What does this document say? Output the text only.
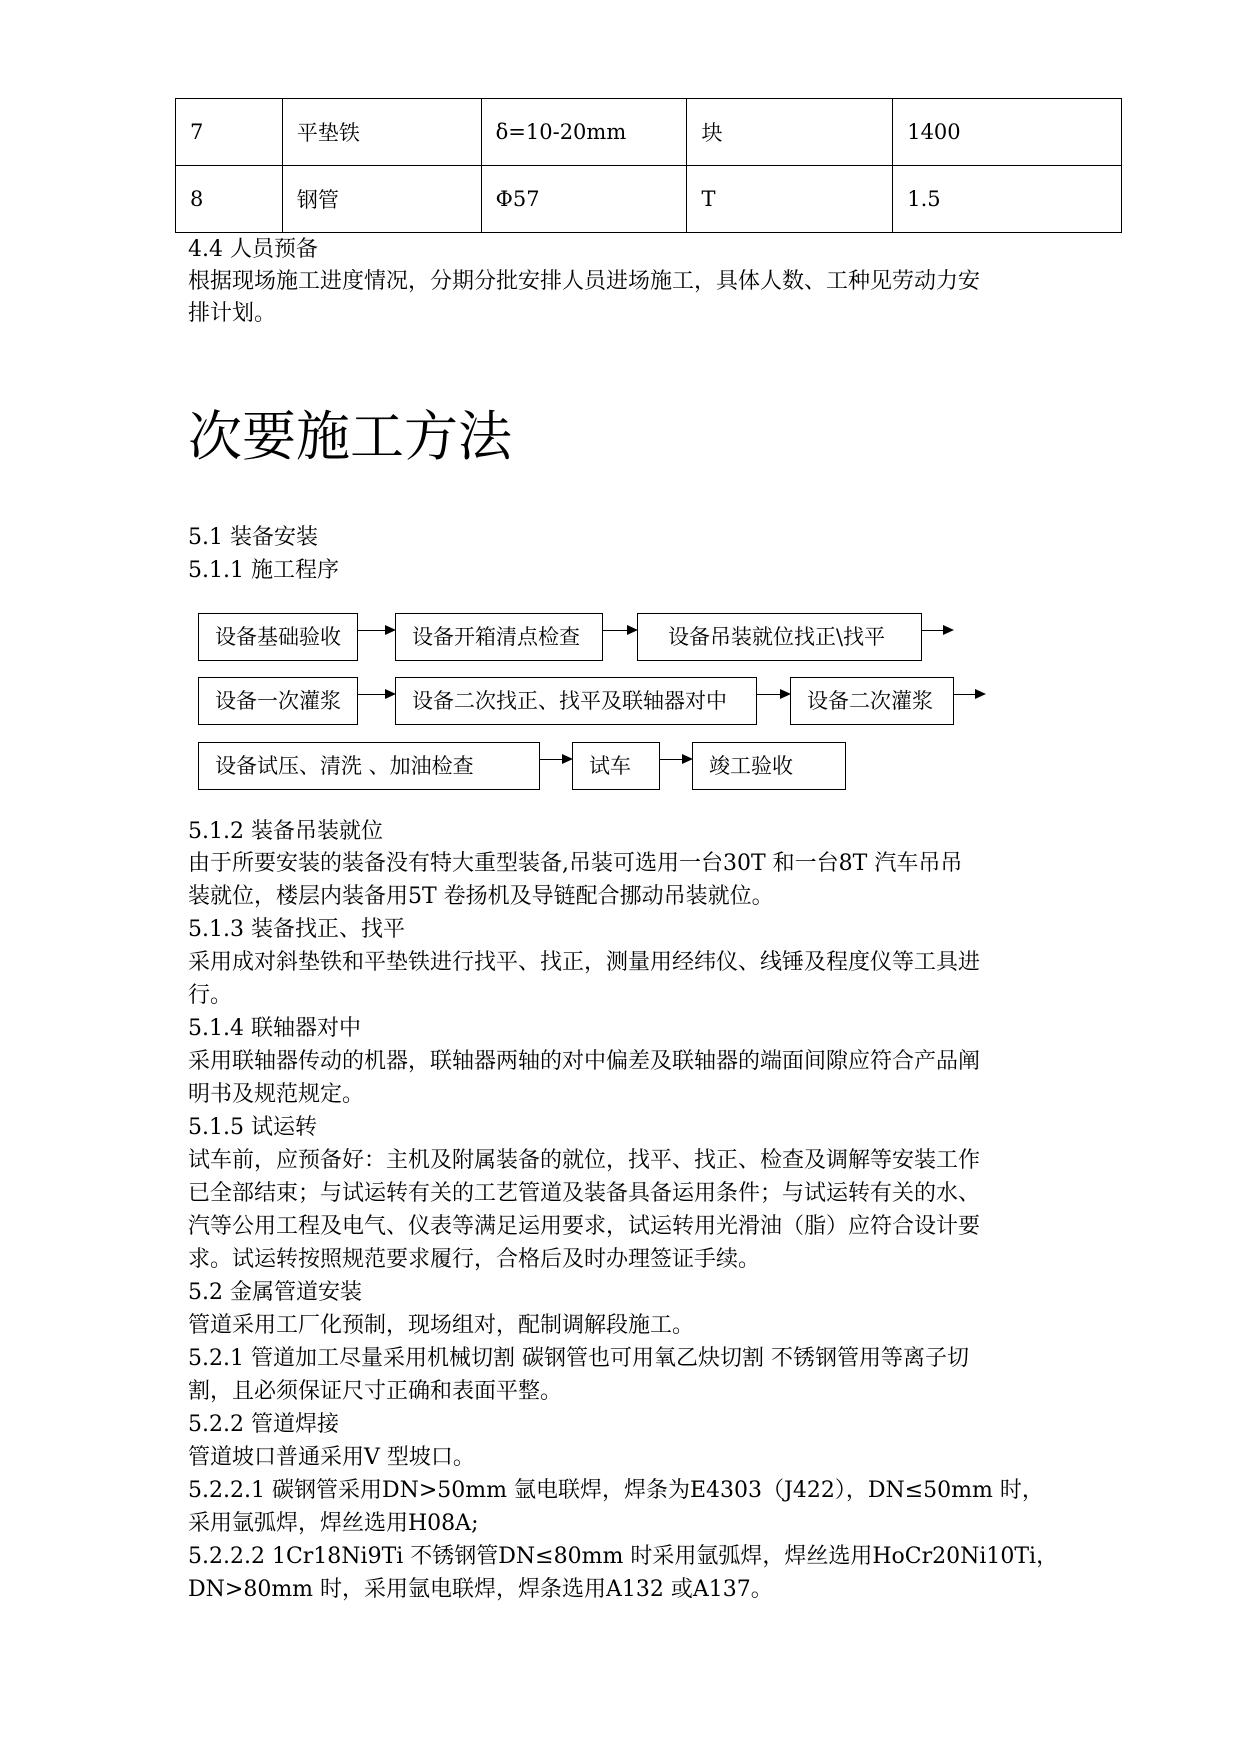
7	平垫铁	δ=10-20mm	块	1400
8	钢管	Φ57	T	1.5
4.4 人员预备
根据现场施工进度情况，分期分批安排人员进场施工，具体人数、工种见劳动力安
排计划。
次要施工方法
5.1 装备安装
5.1.1 施工程序
设备基础验收	设备开箱清点检查	设备吊装就位找正\找平
设备一次灌浆	设备二次找正、找平及联轴器对中	设备二次灌浆
设备试压、清洗 、加油检查	试车	竣工验收
5.1.2 装备吊装就位
由于所要安装的装备没有特大重型装备,吊装可选用一台30T 和一台8T 汽车吊吊
装就位，楼层内装备用5T 卷扬机及导链配合挪动吊装就位。
5.1.3 装备找正、找平
采用成对斜垫铁和平垫铁进行找平、找正，测量用经纬仪、线锤及程度仪等工具进
行。
5.1.4 联轴器对中
采用联轴器传动的机器，联轴器两轴的对中偏差及联轴器的端面间隙应符合产品阐
明书及规范规定。
5.1.5 试运转
试车前，应预备好：主机及附属装备的就位，找平、找正、检查及调解等安装工作
已全部结束；与试运转有关的工艺管道及装备具备运用条件；与试运转有关的水、
汽等公用工程及电气、仪表等满足运用要求，试运转用光滑油（脂）应符合设计要
求。试运转按照规范要求履行，合格后及时办理签证手续。
5.2 金属管道安装
管道采用工厂化预制，现场组对，配制调解段施工。
5.2.1 管道加工尽量采用机械切割 碳钢管也可用氧乙炔切割 不锈钢管用等离子切
割，且必须保证尺寸正确和表面平整。
5.2.2 管道焊接
管道坡口普通采用V 型坡口。
5.2.2.1 碳钢管采用DN>50mm 氩电联焊，焊条为E4303（J422），DN≤50mm 时，
采用氩弧焊，焊丝选用H08A;
5.2.2.2 1Cr18Ni9Ti 不锈钢管DN≤80mm 时采用氩弧焊，焊丝选用HoCr20Ni10Ti，
DN>80mm 时，采用氩电联焊，焊条选用A132 或A137。
